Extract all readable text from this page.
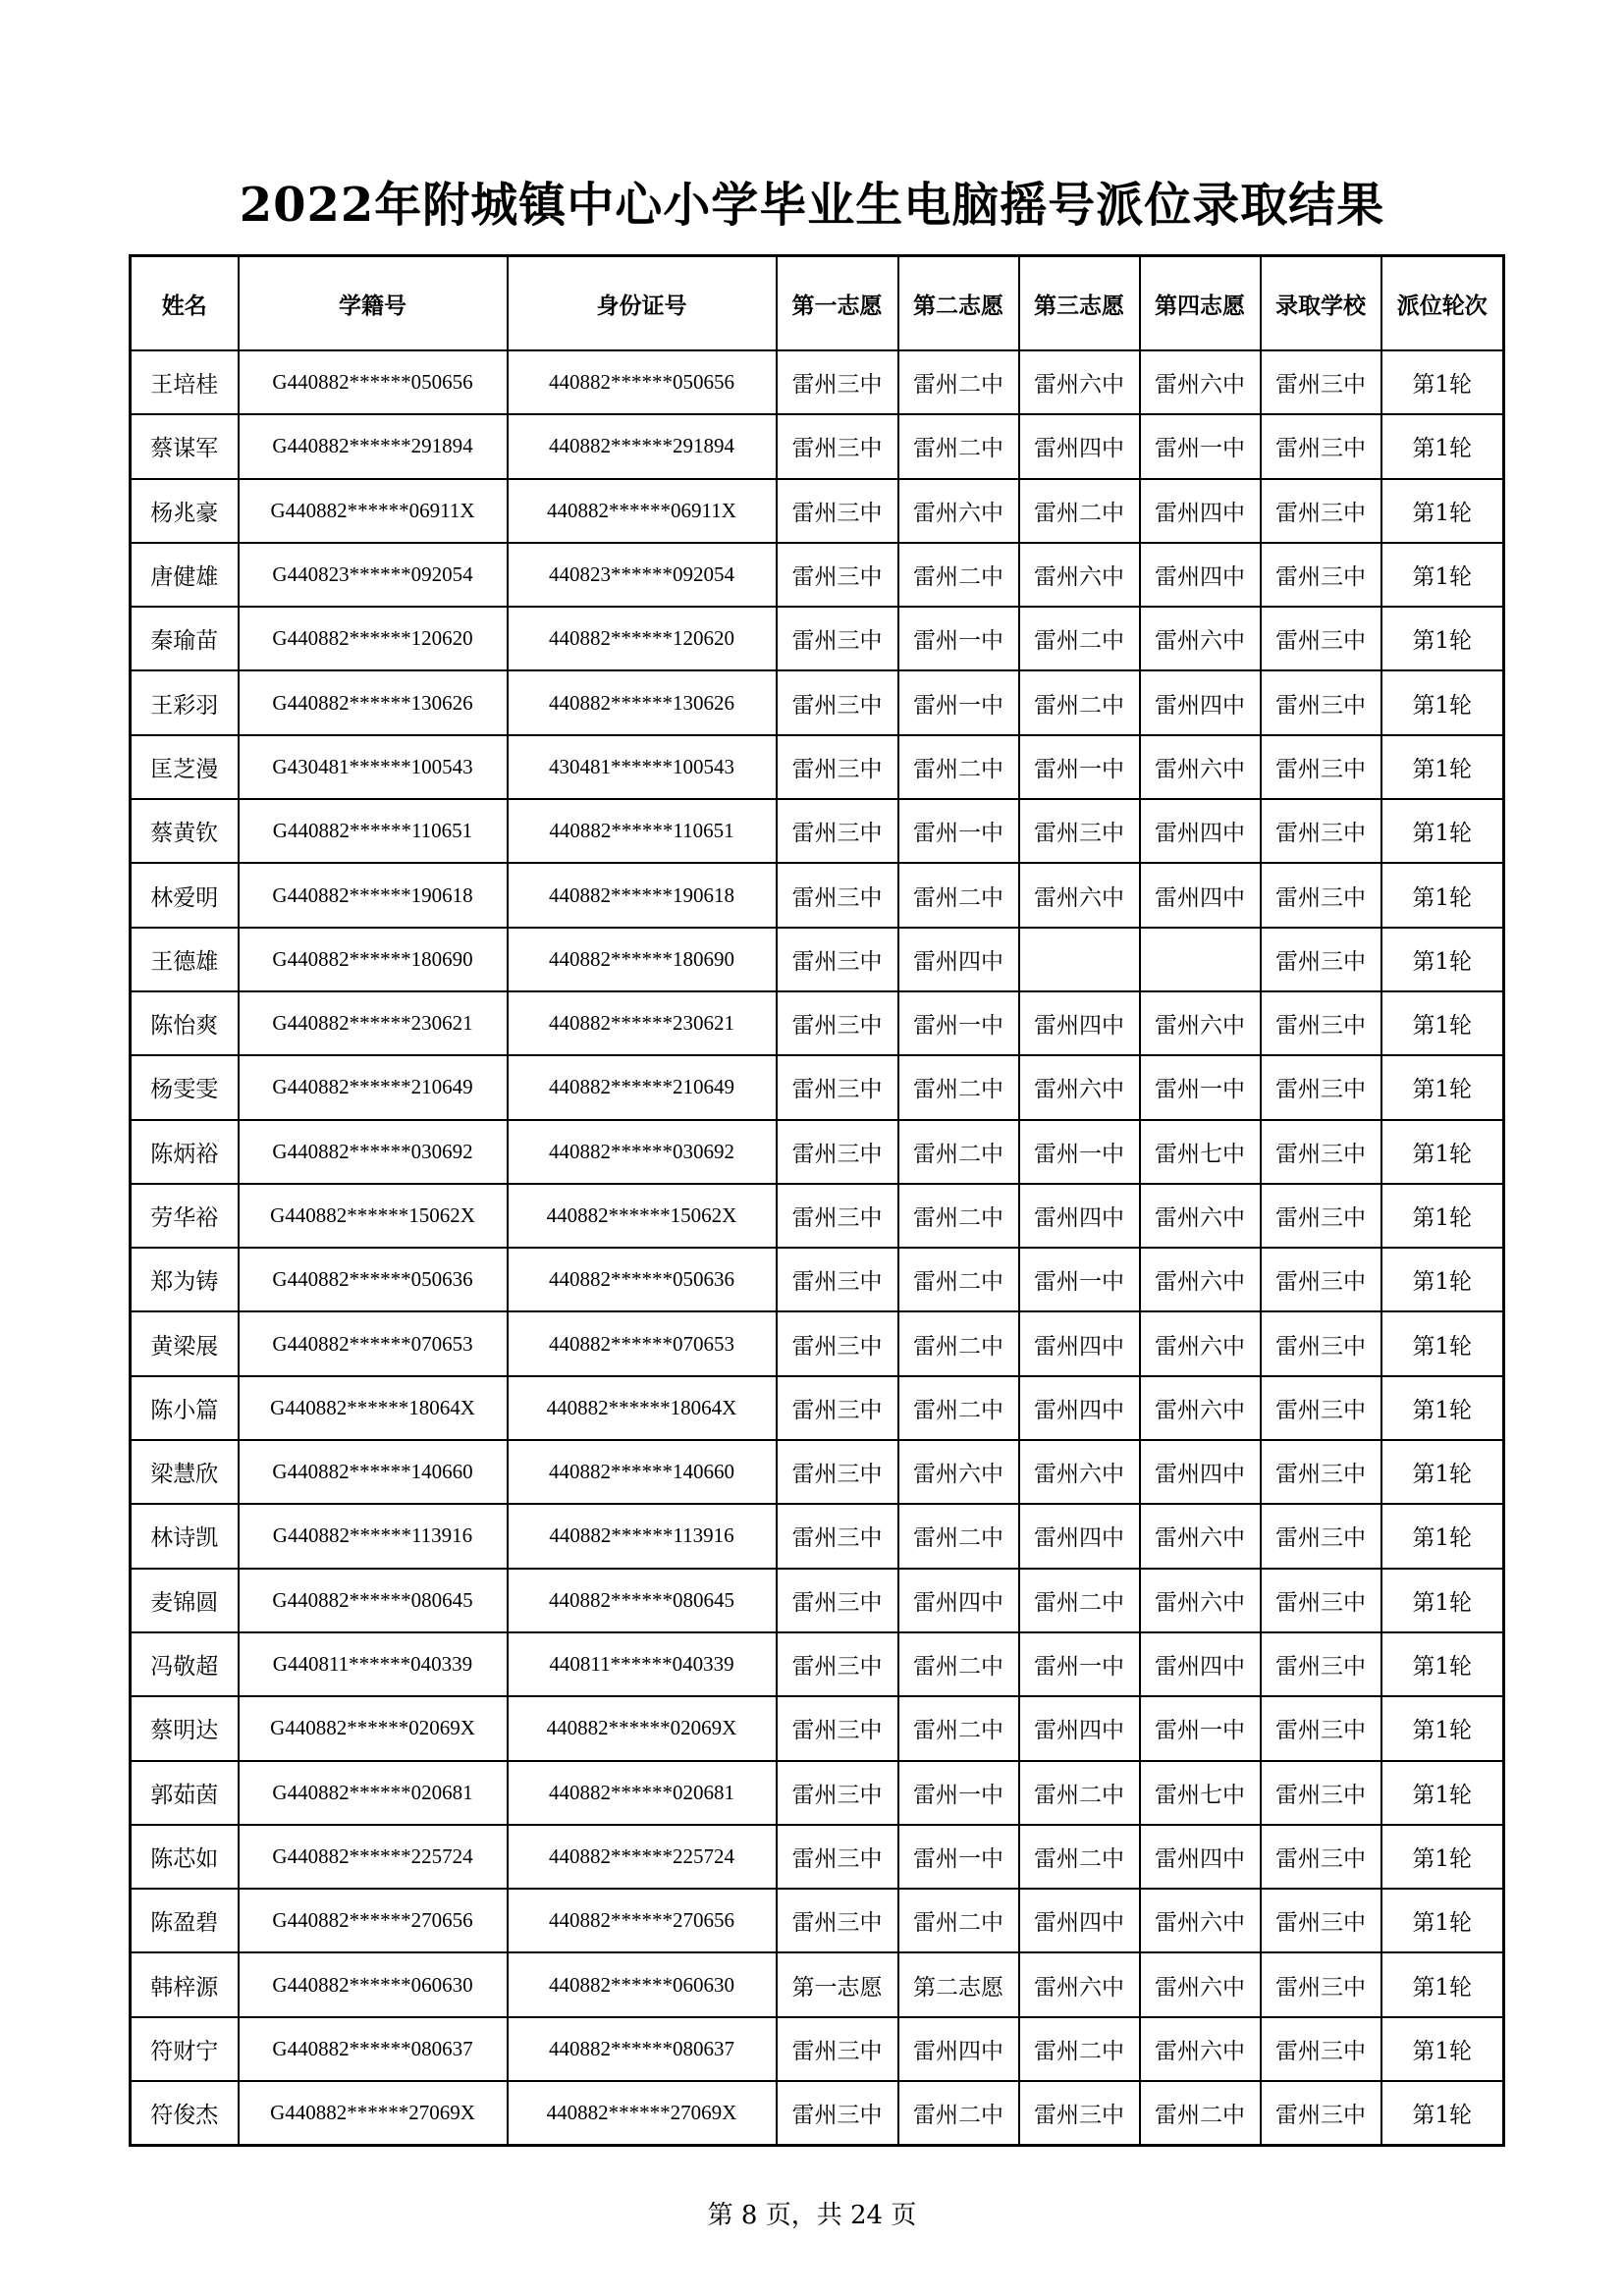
2022年附城镇中心小学毕业生电脑摇号派位录取结果
姓名	学籍号	身份证号	第一志愿	第二志愿	第三志愿	第四志愿	录取学校	派位轮次
王培桂	G440882******050656	440882******050656	雷州三中	雷州二中	雷州六中	雷州六中	雷州三中	第1轮
蔡谋军	G440882******291894	440882******291894	雷州三中	雷州二中	雷州四中	雷州一中	雷州三中	第1轮
杨兆豪	G440882******06911X	440882******06911X	雷州三中	雷州六中	雷州二中	雷州四中	雷州三中	第1轮
唐健雄	G440823******092054	440823******092054	雷州三中	雷州二中	雷州六中	雷州四中	雷州三中	第1轮
秦瑜苗	G440882******120620	440882******120620	雷州三中	雷州一中	雷州二中	雷州六中	雷州三中	第1轮
王彩羽	G440882******130626	440882******130626	雷州三中	雷州一中	雷州二中	雷州四中	雷州三中	第1轮
匡芝漫	G430481******100543	430481******100543	雷州三中	雷州二中	雷州一中	雷州六中	雷州三中	第1轮
蔡黄钦	G440882******110651	440882******110651	雷州三中	雷州一中	雷州三中	雷州四中	雷州三中	第1轮
林爱明	G440882******190618	440882******190618	雷州三中	雷州二中	雷州六中	雷州四中	雷州三中	第1轮
王德雄	G440882******180690	440882******180690	雷州三中	雷州四中			雷州三中	第1轮
陈怡爽	G440882******230621	440882******230621	雷州三中	雷州一中	雷州四中	雷州六中	雷州三中	第1轮
杨雯雯	G440882******210649	440882******210649	雷州三中	雷州二中	雷州六中	雷州一中	雷州三中	第1轮
陈炳裕	G440882******030692	440882******030692	雷州三中	雷州二中	雷州一中	雷州七中	雷州三中	第1轮
劳华裕	G440882******15062X	440882******15062X	雷州三中	雷州二中	雷州四中	雷州六中	雷州三中	第1轮
郑为铸	G440882******050636	440882******050636	雷州三中	雷州二中	雷州一中	雷州六中	雷州三中	第1轮
黄梁展	G440882******070653	440882******070653	雷州三中	雷州二中	雷州四中	雷州六中	雷州三中	第1轮
陈小篇	G440882******18064X	440882******18064X	雷州三中	雷州二中	雷州四中	雷州六中	雷州三中	第1轮
梁慧欣	G440882******140660	440882******140660	雷州三中	雷州六中	雷州六中	雷州四中	雷州三中	第1轮
林诗凯	G440882******113916	440882******113916	雷州三中	雷州二中	雷州四中	雷州六中	雷州三中	第1轮
麦锦圆	G440882******080645	440882******080645	雷州三中	雷州四中	雷州二中	雷州六中	雷州三中	第1轮
冯敬超	G440811******040339	440811******040339	雷州三中	雷州二中	雷州一中	雷州四中	雷州三中	第1轮
蔡明达	G440882******02069X	440882******02069X	雷州三中	雷州二中	雷州四中	雷州一中	雷州三中	第1轮
郭茹茵	G440882******020681	440882******020681	雷州三中	雷州一中	雷州二中	雷州七中	雷州三中	第1轮
陈芯如	G440882******225724	440882******225724	雷州三中	雷州一中	雷州二中	雷州四中	雷州三中	第1轮
陈盈碧	G440882******270656	440882******270656	雷州三中	雷州二中	雷州四中	雷州六中	雷州三中	第1轮
韩梓源	G440882******060630	440882******060630	第一志愿	第二志愿	雷州六中	雷州六中	雷州三中	第1轮
符财宁	G440882******080637	440882******080637	雷州三中	雷州四中	雷州二中	雷州六中	雷州三中	第1轮
符俊杰	G440882******27069X	440882******27069X	雷州三中	雷州二中	雷州三中	雷州二中	雷州三中	第1轮
第 8 页，共 24 页
